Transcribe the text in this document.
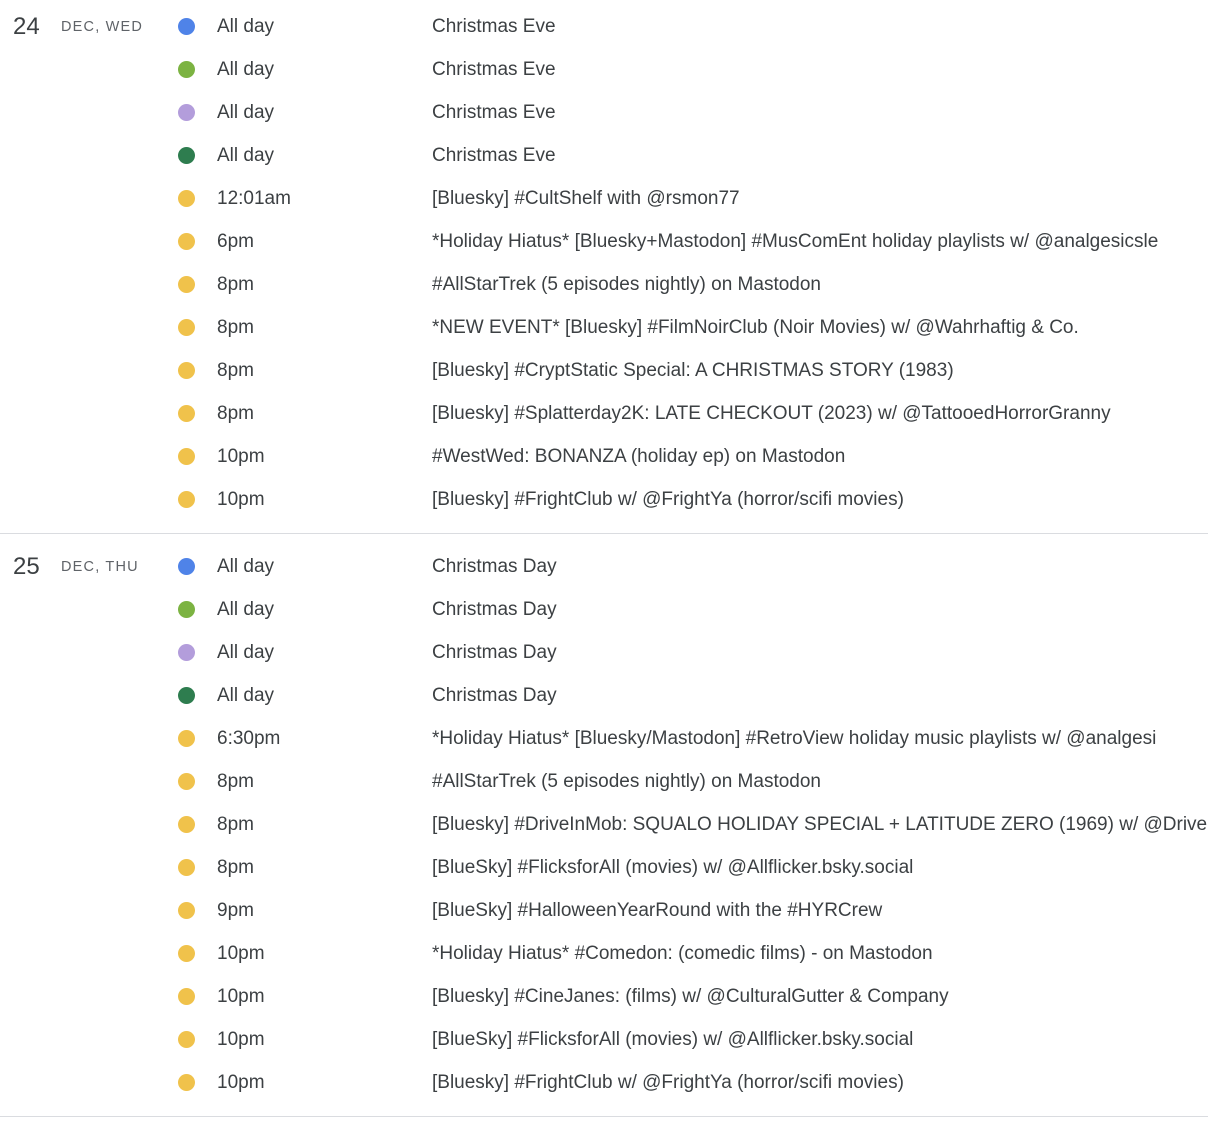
24	DEC, WED	All day	Christmas Eve
All day	Christmas Eve
All day	Christmas Eve
All day	Christmas Eve
12:01am	[Bluesky] #CultShelf with @rsmon77
6pm	*Holiday Hiatus* [Bluesky+Mastodon] #MusComEnt holiday playlists w/ @analgesicsle
8pm	#AllStarTrek (5 episodes nightly) on Mastodon
8pm	*NEW EVENT* [Bluesky] #FilmNoirClub (Noir Movies) w/ @Wahrhaftig & Co.
8pm	[Bluesky] #CryptStatic Special: A CHRISTMAS STORY (1983)
8pm	[Bluesky] #Splatterday2K: LATE CHECKOUT (2023) w/ @TattooedHorrorGranny
10pm	#WestWed: BONANZA (holiday ep) on Mastodon
10pm	[Bluesky] #FrightClub w/ @FrightYa (horror/scifi movies)
25	DEC, THU	All day	Christmas Day
All day	Christmas Day
All day	Christmas Day
All day	Christmas Day
6:30pm	*Holiday Hiatus* [Bluesky/Mastodon] #RetroView holiday music playlists w/ @analgesi
8pm	#AllStarTrek (5 episodes nightly) on Mastodon
8pm	[Bluesky] #DriveInMob: SQUALO HOLIDAY SPECIAL + LATITUDE ZERO (1969) w/ @Drive
8pm	[BlueSky] #FlicksforAll (movies) w/ @Allflicker.bsky.social
9pm	[BlueSky] #HalloweenYearRound with the #HYRCrew
10pm	*Holiday Hiatus* #Comedon: (comedic films) - on Mastodon
10pm	[Bluesky] #CineJanes: (films) w/ @CulturalGutter & Company
10pm	[BlueSky] #FlicksforAll (movies) w/ @Allflicker.bsky.social
10pm	[Bluesky] #FrightClub w/ @FrightYa (horror/scifi movies)
